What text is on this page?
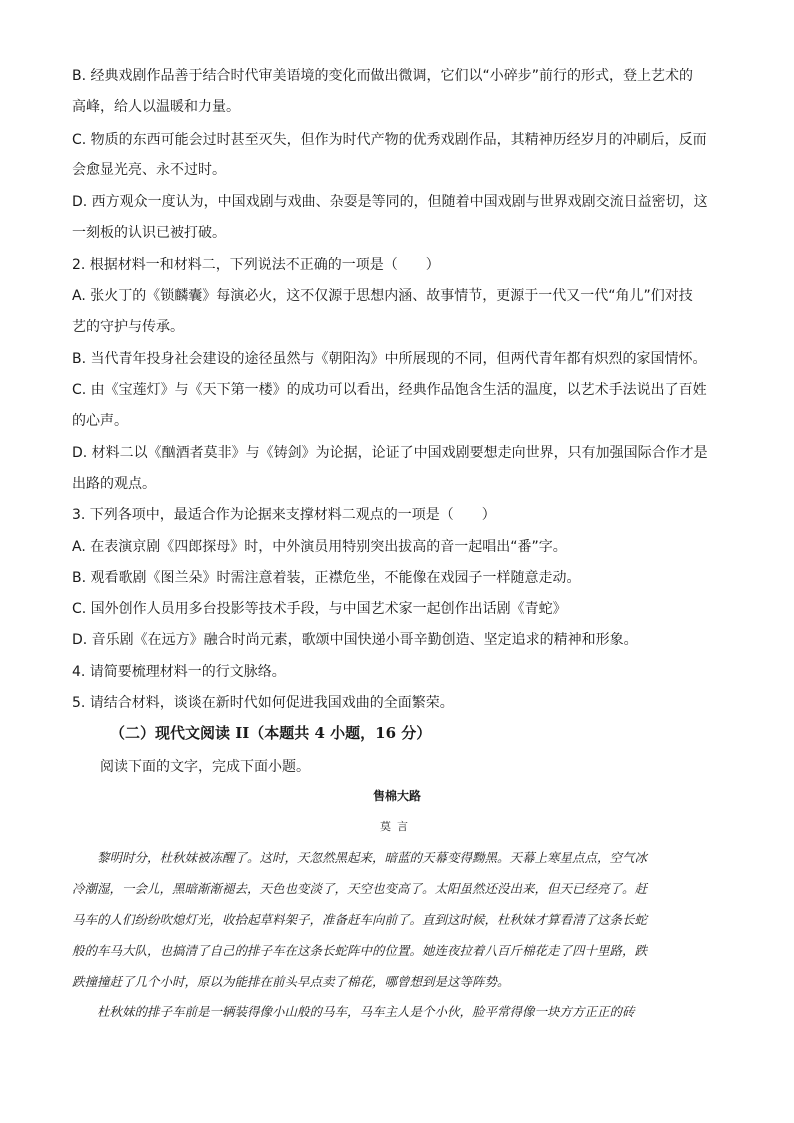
B. 经典戏剧作品善于结合时代审美语境的变化而做出微调，它们以“小碎步”前行的形式，登上艺术的
高峰，给人以温暖和力量。
C. 物质的东西可能会过时甚至灭失，但作为时代产物的优秀戏剧作品，其精神历经岁月的冲刷后，反而
会愈显光亮、永不过时。
D. 西方观众一度认为，中国戏剧与戏曲、杂耍是等同的，但随着中国戏剧与世界戏剧交流日益密切，这
一刻板的认识已被打破。
2. 根据材料一和材料二，下列说法不正确的一项是（　　）
A. 张火丁的《锁麟囊》每演必火，这不仅源于思想内涵、故事情节，更源于一代又一代“角儿”们对技
艺的守护与传承。
B. 当代青年投身社会建设的途径虽然与《朝阳沟》中所展现的不同，但两代青年都有炽烈的家国情怀。
C. 由《宝莲灯》与《天下第一楼》的成功可以看出，经典作品饱含生活的温度，以艺术手法说出了百姓
的心声。
D. 材料二以《酗酒者莫非》与《铸剑》为论据，论证了中国戏剧要想走向世界，只有加强国际合作才是
出路的观点。
3. 下列各项中，最适合作为论据来支撑材料二观点的一项是（　　）
A. 在表演京剧《四郎探母》时，中外演员用特别突出拔高的音一起唱出“番”字。
B. 观看歌剧《图兰朵》时需注意着装，正襟危坐，不能像在戏园子一样随意走动。
C. 国外创作人员用多台投影等技术手段，与中国艺术家一起创作出话剧《青蛇》
D. 音乐剧《在远方》融合时尚元素，歌颂中国快递小哥辛勤创造、坚定追求的精神和形象。
4. 请简要梳理材料一的行文脉络。
5. 请结合材料，谈谈在新时代如何促进我国戏曲的全面繁荣。
（二）现代文阅读 II（本题共 4 小题，16 分）
阅读下面的文字，完成下面小题。
售棉大路
莫言
　　黎明时分，杜秋妹被冻醒了。这时，天忽然黑起来，暗蓝的天幕变得黝黑。天幕上寒星点点，空气冰
冷潮湿，一会儿，黑暗渐渐褪去，天色也变淡了，天空也变高了。太阳虽然还没出来，但天已经亮了。赶
马车的人们纷纷吹熄灯光，收拾起草料架子，准备赶车向前了。直到这时候，杜秋妹才算看清了这条长蛇
般的车马大队，也搞清了自己的排子车在这条长蛇阵中的位置。她连夜拉着八百斤棉花走了四十里路，跌
跌撞撞赶了几个小时，原以为能排在前头早点卖了棉花，哪曾想到是这等阵势。
　　杜秋妹的排子车前是一辆装得像小山般的马车，马车主人是个小伙，脸平常得像一块方方正正的砖
